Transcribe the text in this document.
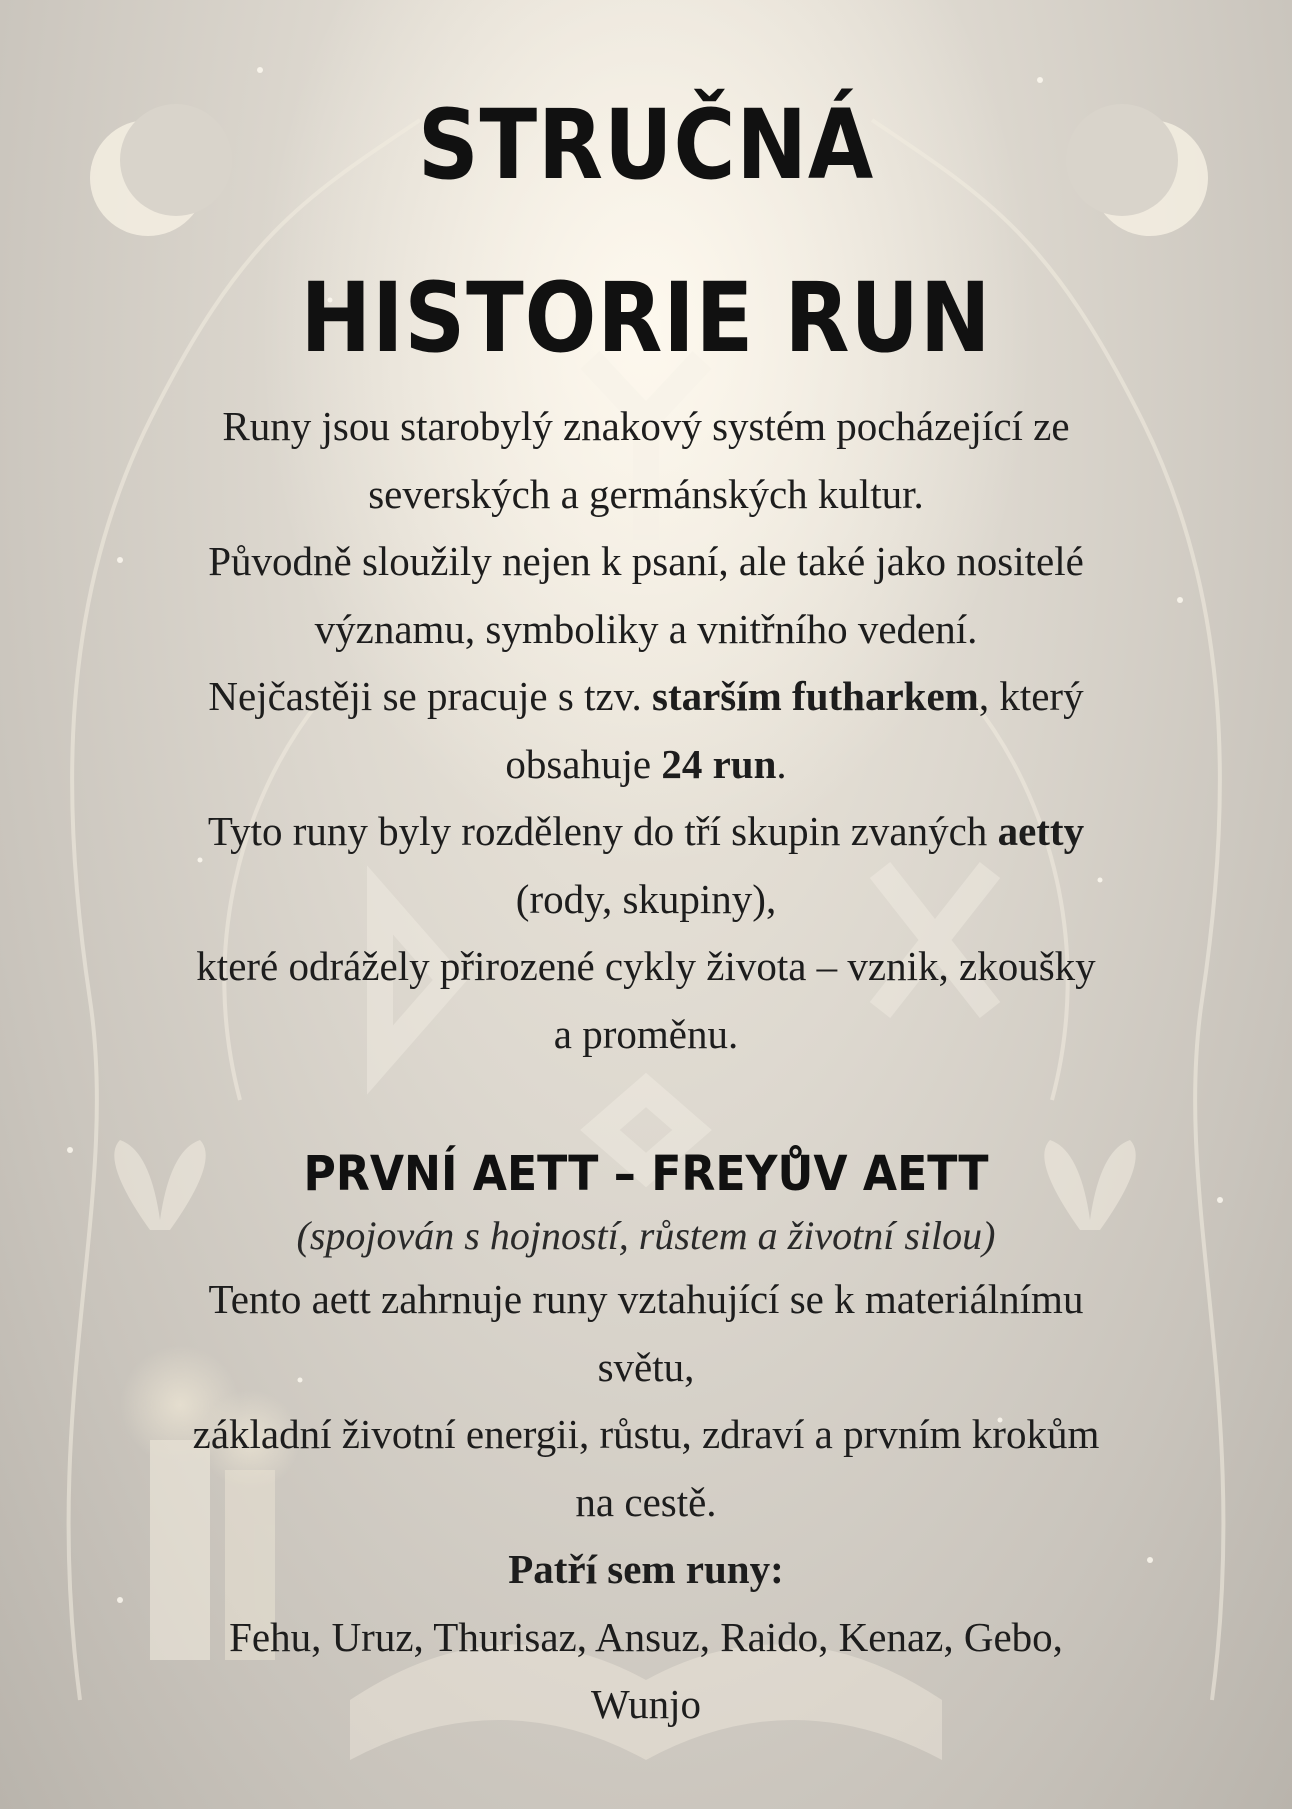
STRUČNÁ
HISTORIE RUN

Runy jsou starobylý znakový systém pocházející ze

severských a germánských kultur.

Původně sloužily nejen k psaní, ale také jako nositelé

významu, symboliky a vnitřního vedení.

Nejčastěji se pracuje s tzv. starším futharkem, který

obsahuje 24 run.

Tyto runy byly rozděleny do tří skupin zvaných aetty

(rody, skupiny),

které odrážely přirozené cykly života – vznik, zkoušky

a proměnu.

PRVNÍ AETT – FREYŮV AETT
(spojován s hojností, růstem a životní silou)

Tento aett zahrnuje runy vztahující se k materiálnímu

světu,

základní životní energii, růstu, zdraví a prvním krokům

na cestě.

Patří sem runy:

Fehu, Uruz, Thurisaz, Ansuz, Raido, Kenaz, Gebo,

Wunjo
